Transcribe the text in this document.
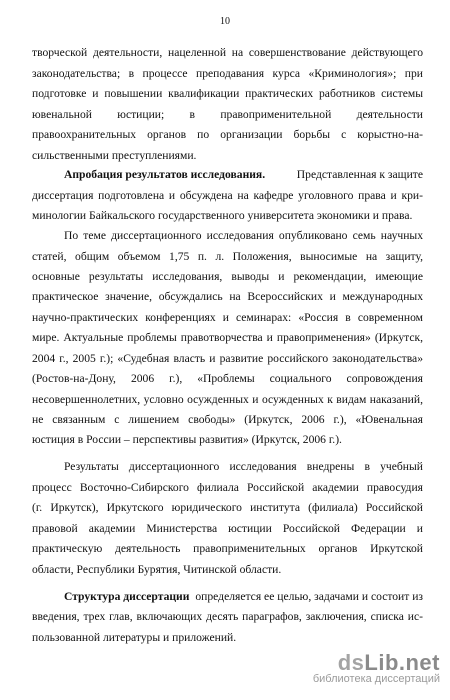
10
творческой деятельности, нацеленной на совершенствование действующего
законодательства; в процессе преподавания курса «Криминология»; при
подготовке и повышении квалификации практических работников системы
ювенальной юстиции; в правоприменительной деятельности
правоохранительных органов по организации борьбы с корыстно-на-
сильственными преступлениями.
Апробация результатов исследования.	Представленная к защите
диссертация подготовлена и обсуждена на кафедре уголовного права и кри-
минологии Байкальского государственного университета экономики и права.
По теме диссертационного исследования опубликовано семь научных
статей, общим объемом 1,75 п. л. Положения, выносимые на защиту,
основные результаты исследования, выводы и рекомендации, имеющие
практическое значение, обсуждались на Всероссийских и международных
научно-практических конференциях и семинарах: «Россия в современном
мире. Актуальные проблемы правотворчества и правоприменения» (Иркутск,
2004 г., 2005 г.); «Судебная власть и развитие российского законодательства»
(Ростов-на-Дону, 2006 г.), «Проблемы социального сопровождения
несовершеннолетних, условно осужденных и осужденных к видам наказаний,
не связанным с лишением свободы» (Иркутск, 2006 г.), «Ювенальная
юстиция в России – перспективы развития» (Иркутск, 2006 г.).
Результаты диссертационного исследования внедрены в учебный
процесс Восточно-Сибирского филиала Российской академии правосудия
(г. Иркутск), Иркутского юридического института (филиала) Российской
правовой академии Министерства юстиции Российской Федерации и
практическую деятельность правоприменительных органов Иркутской
области, Республики Бурятия, Читинской области.
Структура диссертации определяется ее целью, задачами и состоит из
введения, трех глав, включающих десять параграфов, заключения, списка ис-
пользованной литературы и приложений.
dsLib.net
библиотека диссертаций
